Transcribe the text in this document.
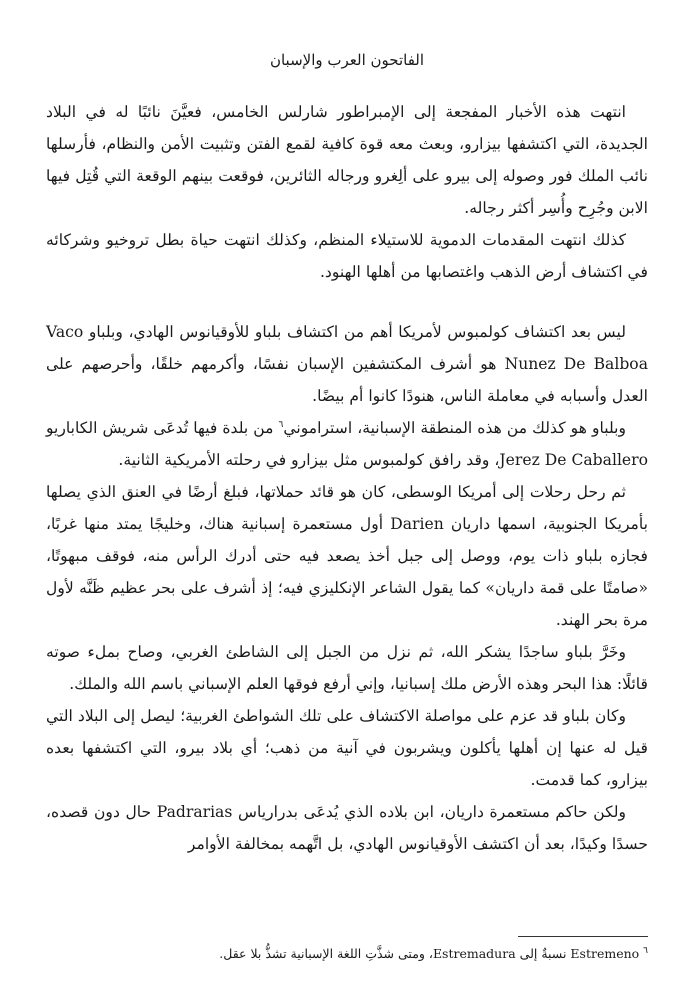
الفاتحون العرب والإسبان

انتهت هذه الأخبار المفجعة إلى الإمبراطور شارلس الخامس، فعيَّنَ نائبًا له في البلاد الجديدة، التي اكتشفها بيزارو، وبعث معه قوة كافية لقمع الفتن وتثبيت الأمن والنظام، فأرسلها نائب الملك فور وصوله إلى بيرو على ألِغرو ورجاله الثائرين، فوقعت بينهم الوقعة التي قُتِل فيها الابن وجُرِح وأُسِر أكثر رجاله.

كذلك انتهت المقدمات الدموية للاستيلاء المنظم، وكذلك انتهت حياة بطل تروخيو وشركائه في اكتشاف أرض الذهب واغتصابها من أهلها الهنود.

ليس بعد اكتشاف كولمبوس لأمريكا أهم من اكتشاف بلباو للأوقيانوس الهادي، وبلباو Vaco Nunez De Balboa هو أشرف المكتشفين الإسبان نفسًا، وأكرمهم خلقًا، وأحرصهم على العدل وأسبابه في معاملة الناس، هنودًا كانوا أم بيضًا.

وبلباو هو كذلك من هذه المنطقة الإسبانية، استراموني$^٦$ من بلدة فيها تُدعَى شريش الكاباريو Jerez De Caballero، وقد رافق كولمبوس مثل بيزارو في رحلته الأمريكية الثانية.

ثم رحل رحلات إلى أمريكا الوسطى، كان هو قائد حملاتها، فبلغ أرضًا في العنق الذي يصلها بأمريكا الجنوبية، اسمها داريان Darien أول مستعمرة إسبانية هناك، وخليجًا يمتد منها غربًا، فجازه بلباو ذات يوم، ووصل إلى جبل أخذ يصعد فيه حتى أدرك الرأس منه، فوقف مبهوتًا، «صامتًا على قمة داريان» كما يقول الشاعر الإنكليزي فيه؛ إذ أشرف على بحر عظيم ظَنَّه لأول مرة بحر الهند.

وخَرَّ بلباو ساجدًا يشكر الله، ثم نزل من الجبل إلى الشاطئ الغربي، وصاح بملء صوته قائلًا: هذا البحر وهذه الأرض ملك إسبانيا، وإني أرفع فوقها العلم الإسباني باسم الله والملك.

وكان بلباو قد عزم على مواصلة الاكتشاف على تلك الشواطئ الغربية؛ ليصل إلى البلاد التي قيل له عنها إن أهلها يأكلون ويشربون في آنية من ذهب؛ أي بلاد بيرو، التي اكتشفها بعده بيزارو، كما قدمت.

ولكن حاكم مستعمرة داريان، ابن بلاده الذي يُدعَى بدرارياس Padrarias حال دون قصده، حسدًا وكيدًا، بعد أن اكتشف الأوقيانوس الهادي، بل اتَّهمه بمخالفة الأوامر

$^٦$ Estremeno نسبةٌ إلى Estremadura، ومتى شذَّتِ اللغة الإسبانية تشذُّ بلا عقل.
